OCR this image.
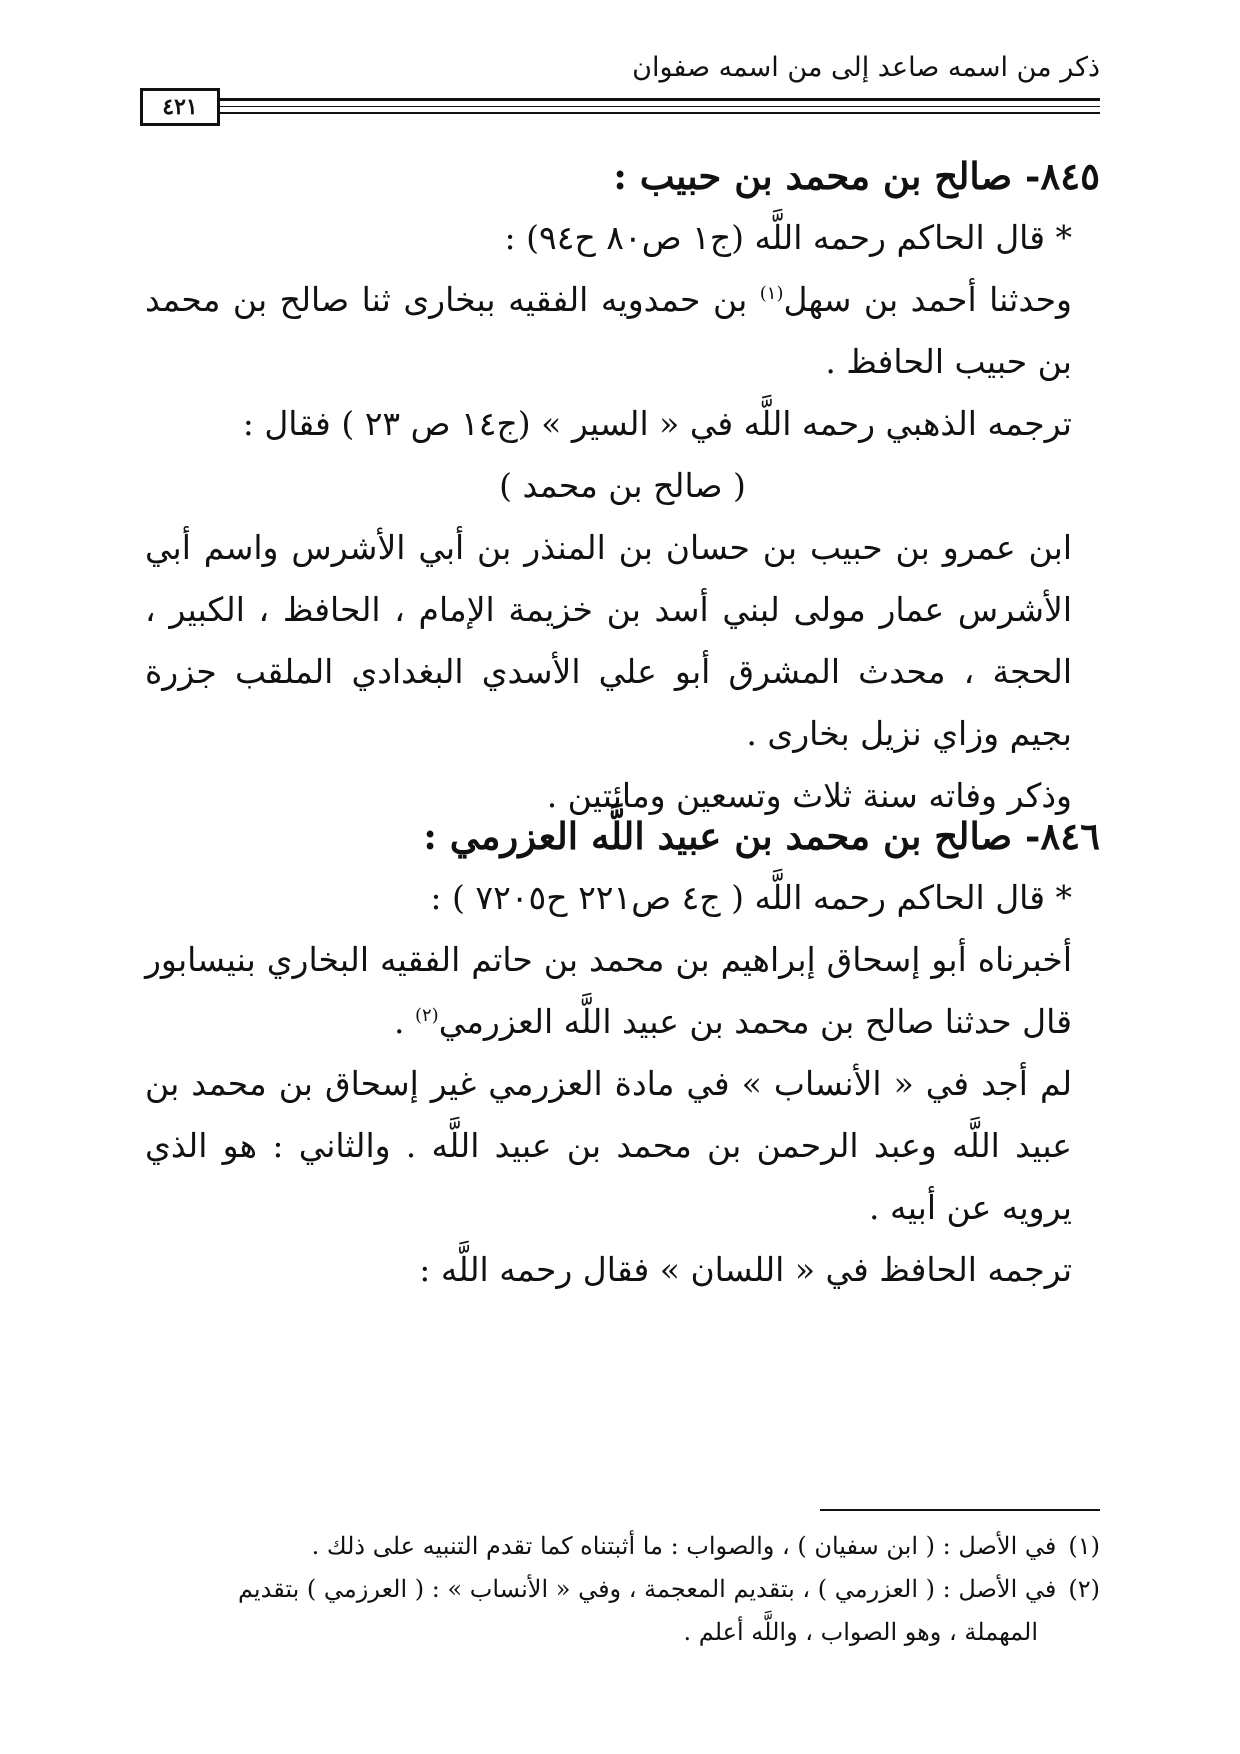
ذكر من اسمه صاعد إلى من اسمه صفوان
٤٢١
٨٤٥- صالح بن محمد بن حبيب :
* قال الحاكم رحمه اللَّه (ج١ ص٨٠ ح٩٤) :
وحدثنا أحمد بن سهل$^{(١)}$ بن حمدويه الفقيه ببخارى ثنا صالح بن محمد بن حبيب الحافظ .
ترجمه الذهبي رحمه اللَّه في « السير » (ج١٤ ص ٢٣ ) فقال :
( صالح بن محمد )
ابن عمرو بن حبيب بن حسان بن المنذر بن أبي الأشرس واسم أبي الأشرس عمار مولى لبني أسد بن خزيمة الإمام ، الحافظ ، الكبير ، الحجة ، محدث المشرق أبو علي الأسدي البغدادي الملقب جزرة بجيم وزاي نزيل بخارى .
وذكر وفاته سنة ثلاث وتسعين ومائتين .
٨٤٦- صالح بن محمد بن عبيد اللَّه العزرمي :
* قال الحاكم رحمه اللَّه ( ج٤ ص٢٢١ ح٧٢٠٥ ) :
أخبرناه أبو إسحاق إبراهيم بن محمد بن حاتم الفقيه البخاري بنيسابور قال حدثنا صالح بن محمد بن عبيد اللَّه العزرمي$^{(٢)}$ .
لم أجد في « الأنساب » في مادة العزرمي غير إسحاق بن محمد بن عبيد اللَّه وعبد الرحمن بن محمد بن عبيد اللَّه . والثاني : هو الذي يرويه عن أبيه .
ترجمه الحافظ في « اللسان » فقال رحمه اللَّه :
(١)في الأصل : ( ابن سفيان ) ، والصواب : ما أثبتناه كما تقدم التنبيه على ذلك .
(٢)في الأصل : ( العزرمي ) ، بتقديم المعجمة ، وفي « الأنساب » : ( العرزمي ) بتقديم
المهملة ، وهو الصواب ، واللَّه أعلم .
